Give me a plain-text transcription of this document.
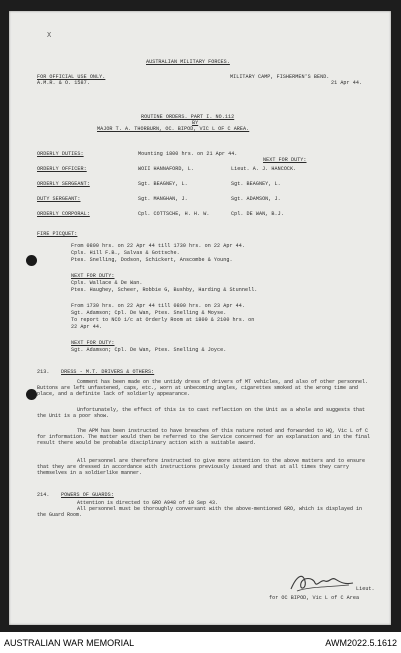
X
AUSTRALIAN MILITARY FORCES.
FOR OFFICIAL USE ONLY.
A.M.R. & O. 1587.
MILITARY CAMP, FISHERMEN'S BEND.
21 Apr 44.
ROUTINE ORDERS. PART I. NO.112
BY
MAJOR T. A. THORBURN, OC. BIPOD, VIC L OF C AREA.
ORDERLY DUTIES:	Mounting 1800 hrs. on 21 Apr 44.
NEXT FOR DUTY:
ORDERLY OFFICER:	WOII HANNAFORD, L.	Lieut. A. J. HANCOCK.
ORDERLY SERGEANT:	Sgt. BEAGNEY, L.	Sgt. BEAGNEY, L.
DUTY SERGEANT:	Sgt. MANGHAN, J.	Sgt. ADAMSON, J.
ORDERLY CORPORAL:	Cpl. COTTSCHE, H. H. W.	Cpl. DE WAN, B.J.
FIRE PICQUET:
From 0800 hrs. on 22 Apr 44 till 1730 hrs. on 22 Apr 44.
Cpls. Hill F.B., Salvas & Gottsche.
Ptes. Snelling, Dodson, Schickert, Anscombe & Young.
NEXT FOR DUTY:
Cpls. Wallace & De Wan.
Ptes. Haughey, Scheer, Robbie G, Bushby, Harding & Stunnell.
From 1730 hrs. on 22 Apr 44 till 0800 hrs. on 23 Apr 44.
Sgt. Adamson; Cpl. De Wan, Ptes. Snelling & Moyse.
To report to NCO i/c at Orderly Room at 1800 & 2100 hrs. on
22 Apr 44.
NEXT FOR DUTY:
Sgt. Adamson; Cpl. De Wan, Ptes. Snelling & Joyce.
213. DRESS - M.T. DRIVERS & OTHERS:
Comment has been made on the untidy dress of drivers of MT vehicles, and also of other personnel. Buttons are left unfastened, caps, etc., worn at unbecoming angles, cigarettes smoked at the wrong time and place, and a definite lack of soldierly appearance.
Unfortunately, the effect of this is to cast reflection on the Unit as a whole and suggests that the Unit is a poor show.
The APM has been instructed to have breaches of this nature noted and forwarded to HQ, Vic L of C for information. The matter would then be referred to the Service concerned for an explanation and in the final result there would be probable disciplinary action with a suitable award.
All personnel are therefore instructed to give more attention to the above matters and to ensure that they are dressed in accordance with instructions previously issued and that at all times they carry themselves in a soldierlike manner.
214. POWERS OF GUARDS:
Attention is directed to GRO A948 of 10 Sep 43.
All personnel must be thoroughly conversant with the above-mentioned GRO, which is displayed in the Guard Room.
Lieut.
for OC BIPOD, Vic L of C Area
AUSTRALIAN WAR MEMORIAL	AWM2022.5.1612
